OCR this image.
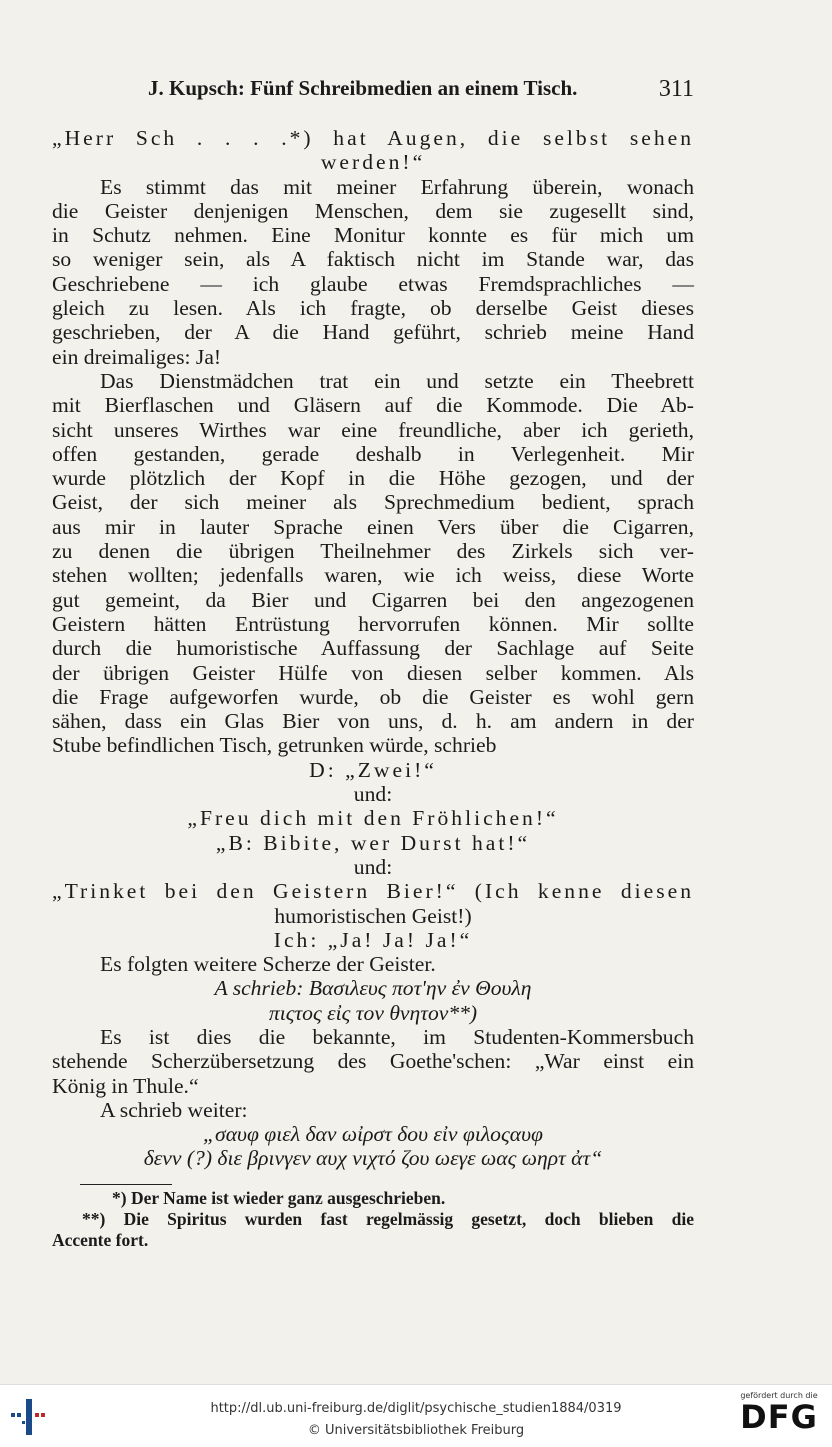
J. Kupsch: Fünf Schreibmedien an einem Tisch.	311
„Herr Sch . . . .*) hat Augen, die selbst sehen
werden!“
Es stimmt das mit meiner Erfahrung überein, wonach
die Geister denjenigen Menschen, dem sie zugesellt sind,
in Schutz nehmen. Eine Monitur konnte es für mich um
so weniger sein, als A faktisch nicht im Stande war, das
Geschriebene — ich glaube etwas Fremdsprachliches —
gleich zu lesen. Als ich fragte, ob derselbe Geist dieses
geschrieben, der A die Hand geführt, schrieb meine Hand
ein dreimaliges: Ja!
Das Dienstmädchen trat ein und setzte ein Theebrett
mit Bierflaschen und Gläsern auf die Kommode. Die Ab-
sicht unseres Wirthes war eine freundliche, aber ich gerieth,
offen gestanden, gerade deshalb in Verlegenheit. Mir
wurde plötzlich der Kopf in die Höhe gezogen, und der
Geist, der sich meiner als Sprechmedium bedient, sprach
aus mir in lauter Sprache einen Vers über die Cigarren,
zu denen die übrigen Theilnehmer des Zirkels sich ver-
stehen wollten; jedenfalls waren, wie ich weiss, diese Worte
gut gemeint, da Bier und Cigarren bei den angezogenen
Geistern hätten Entrüstung hervorrufen können. Mir sollte
durch die humoristische Auffassung der Sachlage auf Seite
der übrigen Geister Hülfe von diesen selber kommen. Als
die Frage aufgeworfen wurde, ob die Geister es wohl gern
sähen, dass ein Glas Bier von uns, d. h. am andern in der
Stube befindlichen Tisch, getrunken würde, schrieb
D: „Zwei!“
und:
„Freu dich mit den Fröhlichen!“
„B: Bibite, wer Durst hat!“
und:
„Trinket bei den Geistern Bier!“ (Ich kenne diesen
humoristischen Geist!)
Ich: „Ja! Ja! Ja!“
Es folgten weitere Scherze der Geister.
A schrieb: Βασιλευς ποτ'ην ἐν Θουλη
πιςτος εἰς τον θνητον**)
Es ist dies die bekannte, im Studenten-Kommersbuch
stehende Scherzübersetzung des Goethe'schen: „War einst ein
König in Thule.“
A schrieb weiter:
„σαυφ φιελ δαν ωἰρστ δου εἰν φιλοςαυφ
δενν (?) διε βρινγεν αυχ νιχτό ζου ωεγε ωας ωηρτ ἀτ“
*) Der Name ist wieder ganz ausgeschrieben.
**) Die Spiritus wurden fast regelmässig gesetzt, doch blieben die
Accente fort.
http://dl.ub.uni-freiburg.de/diglit/psychische_studien1884/0319
© Universitätsbibliothek Freiburg
gefördert durch die
DFG
